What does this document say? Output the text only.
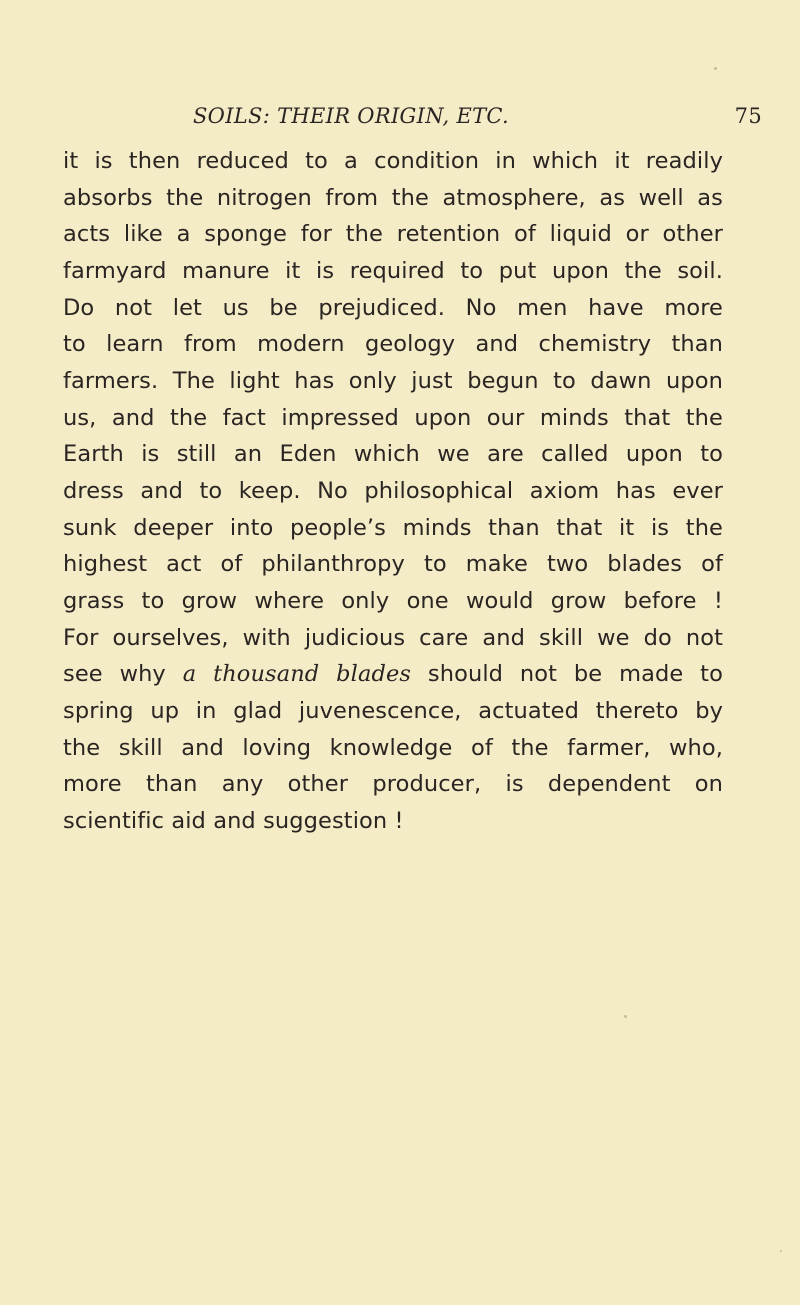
SOILS: THEIR ORIGIN, ETC.	75
it is then reduced to a condition in which it readily
absorbs the nitrogen from the atmosphere, as well as
acts like a sponge for the retention of liquid or other
farmyard manure it is required to put upon the soil.
Do not let us be prejudiced. No men have more
to learn from modern geology and chemistry than
farmers. The light has only just begun to dawn upon
us, and the fact impressed upon our minds that the
Earth is still an Eden which we are called upon to
dress and to keep. No philosophical axiom has ever
sunk deeper into people’s minds than that it is the
highest act of philanthropy to make two blades of
grass to grow where only one would grow before !
For ourselves, with judicious care and skill we do not
see why a thousand blades should not be made to
spring up in glad juvenescence, actuated thereto by
the skill and loving knowledge of the farmer, who,
more than any other producer, is dependent on
scientific aid and suggestion !
